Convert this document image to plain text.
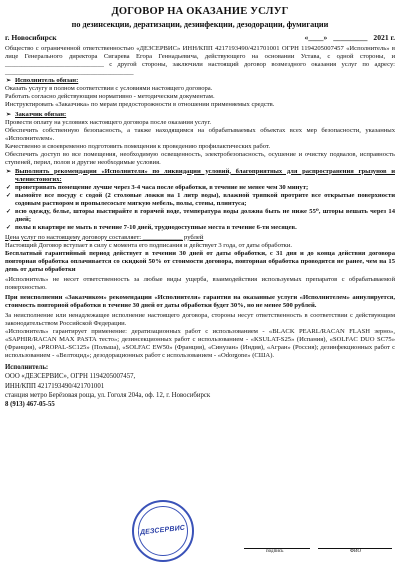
ДОГОВОР НА ОКАЗАНИЕ УСЛУГ
по дезинсекции, дератизации, дезинфекции, дезодорации, фумигации
г. Новосибирск	«____» _________ 2021 г.

Общество с ограниченной ответственностью «ДЕЗСЕРВИС» ИНН/КПП 4217193490/421701001 ОГРН 1194205007457 «Исполнитель» в лице Генерального директора Сигарева Егора Геннадьевича, действующего на основании Устава, с одной стороны, и ______________________________ с другой стороны, заключили настоящий договор возмездного оказания услуг по адресу: _______________________________________

➢ Исполнитель обязан:

Оказать услугу в полном соответствии с условиями настоящего договора.

Работать согласно действующим нормативно - методическим документам.

Инструктировать «Заказчика» по мерам предосторожности в отношении применяемых средств.

➢ Заказчик обязан:

Провести оплату на условиях настоящего договора после оказания услуг.

Обеспечить собственную безопасность, а также находящимся на обрабатываемых объектах всех мер безопасности, указанных «Исполнителем».

Качественно и своевременно подготовить помещения к проведению профилактических работ.

Обеспечить доступ во все помещения, необходимую освещенность, электробезопасность, осушение и очистку подвалов, исправность ступеней, перил, полов и другие необходимые условия.

➢ Выполнять рекомендации «Исполнителя» по ликвидации условий, благоприятных для распространения грызунов и членистоногих:
✓ проветривать помещение лучше через 3-4 часа после обработки, в течение не менее чем 30 минут;
✓ вымойте все посуду с содой (2 столовые ложки на 1 литр воды), влажной тряпкой протрите все открытые поверхности содовым раствором и пропылесосьте мягкую мебель, полы, стены, плинтуса;
✓ всю одежду, белье, шторы выстирайте в горячей воде, температура воды должна быть не ниже 55⁰, шторы вешать через 14 дней;
✓ полы в квартире не мыть в течение 7-10 дней, труднодоступные места в течение 6-ти месяцев.

Цена услуг по настоящему договору составляет: ____________ рублей

Настоящий Договор вступает в силу с момента его подписания и действует 3 года, от даты обработки.

Бесплатный гарантийный период действует в течении 30 дней от даты обработки, с 31 дня и до конца действия договора повторная обработка оплачивается со скидкой 50% от стоимости договора, повторная обработка проводится не ранее, чем на 15 день от даты обработки

«Исполнитель» не несет ответственность за любые виды ущерба, взаимодействия используемых препаратов с обрабатываемой поверхностью.

При неисполнении «Заказчиком» рекомендации «Исполнителя» гарантия на оказанные услуги «Исполнителем» аннулируется, стоимость повторной обработки в течение 30 дней от даты обработки будет 30%, но не менее 500 рублей.

За неисполнение или ненадлежащее исполнение настоящего договора, стороны несут ответственность в соответствии с действующим законодательством Российской Федерации.

«Исполнитель» гарантирует применение: дератизационных работ с использованием - «BLACK PEARL/RACAN FLASH зерно», «SAPHIR/RACAN MAX PASTA тесто»; дезинсекционных работ с использованием - «KSULAT-S25» (Испания), «SOLFAC DUO SC75» (Франция), «PROPAL-SC125» (Польша), «SOLFAC EW50» (Франция), «Синузан» (Индия), «Агран» (Россия); дезинфекционных работ с использованием - «Велтоцид»; дезодорационных работ с использованием - «Odorgone» (США).

Исполнитель:
ООО «ДЕЗСЕРВИС», ОГРН 1194205007457,
ИНН/КПП 4217193490/421701001
станция метро Берёзовая роща, ул. Гоголя 204а, оф. 12, г. Новосибирск
8 (913) 467-05-55
ДЕЗСЕРВИС
подпись	ФИО
